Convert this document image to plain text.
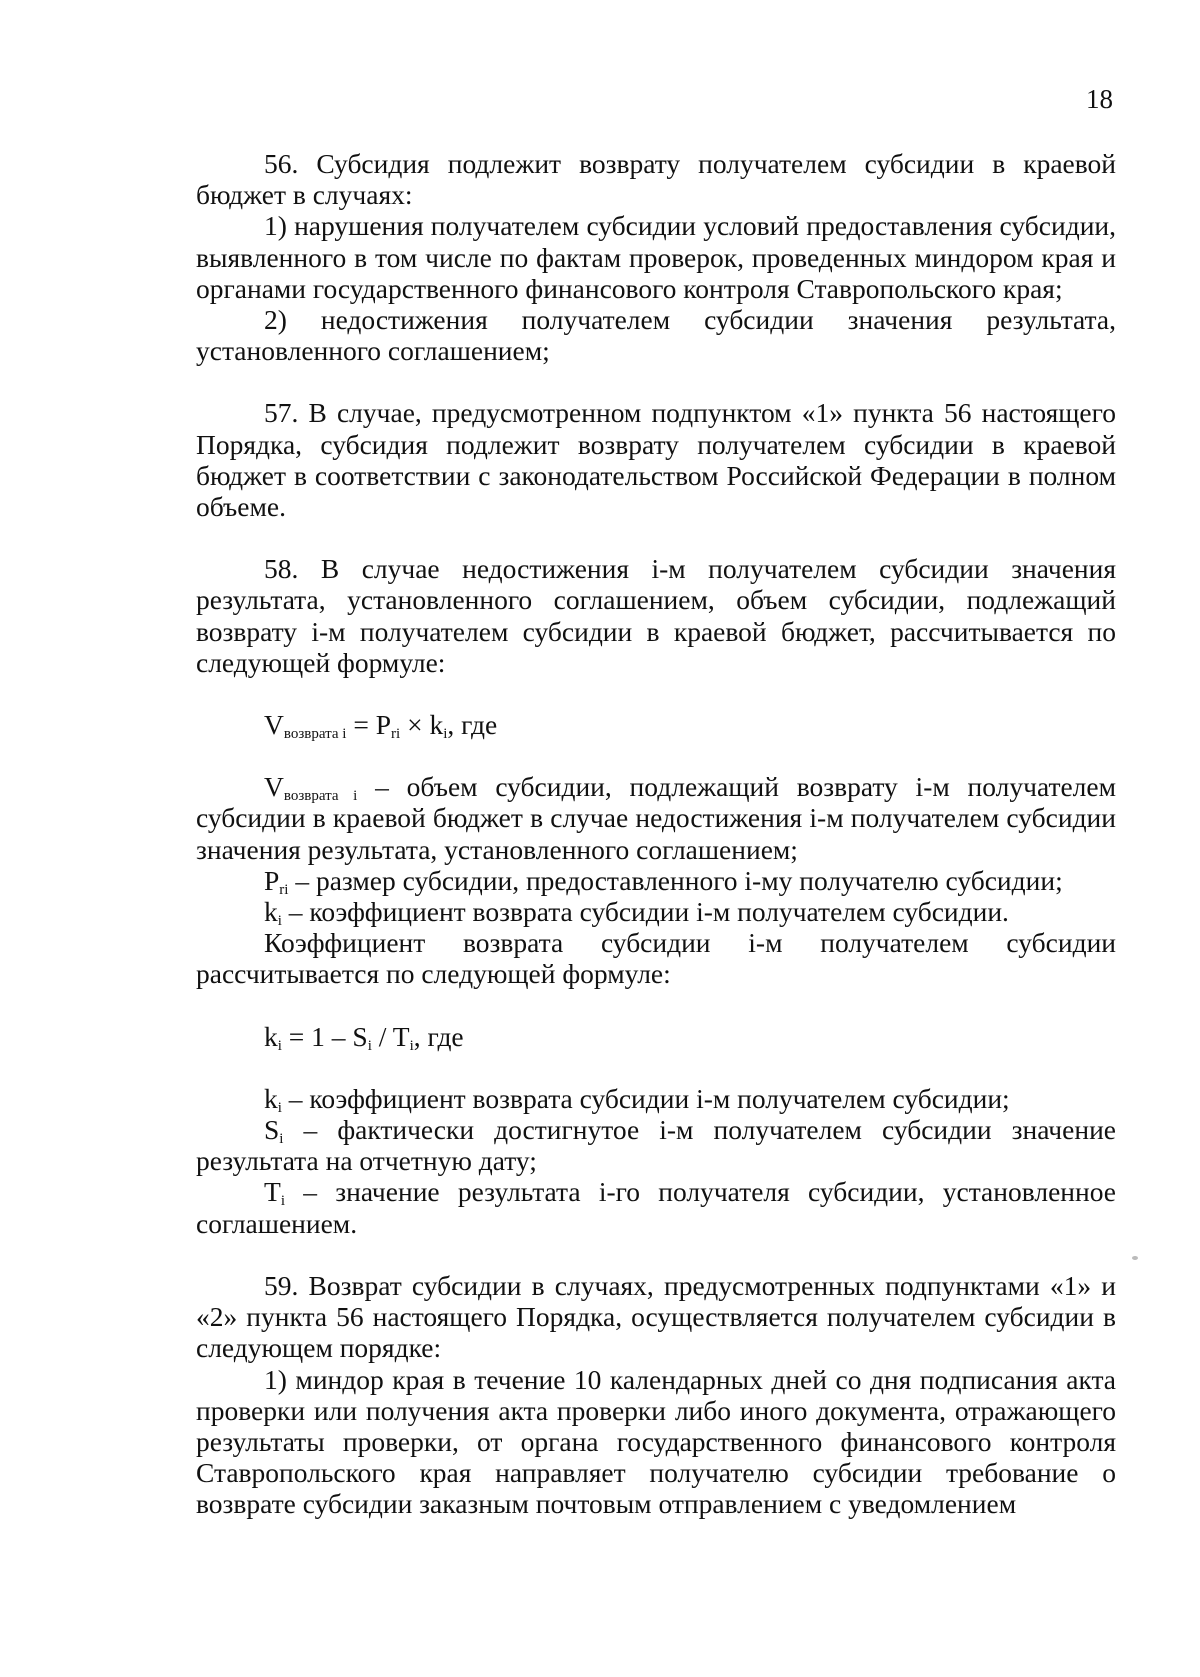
18

56. Субсидия подлежит возврату получателем субсидии в краевой бюджет в случаях:

1) нарушения получателем субсидии условий предоставления субсидии, выявленного в том числе по фактам проверок, проведенных миндором края и органами государственного финансового контроля Ставропольского края;

2) недостижения получателем субсидии значения результата, установленного соглашением;

57. В случае, предусмотренном подпунктом «1» пункта 56 настоящего Порядка, субсидия подлежит возврату получателем субсидии в краевой бюджет в соответствии с законодательством Российской Федерации в полном объеме.

58. В случае недостижения i-м получателем субсидии значения результата, установленного соглашением, объем субсидии, подлежащий возврату i-м получателем субсидии в краевой бюджет, рассчитывается по следующей формуле:

$V_{возврата i} = P_{ri} \times k_i$, где

$V_{возврата i}$ – объем субсидии, подлежащий возврату i-м получателем субсидии в краевой бюджет в случае недостижения i-м получателем субсидии значения результата, установленного соглашением;

$P_{ri}$ – размер субсидии, предоставленного i-му получателю субсидии;

$k_i$ – коэффициент возврата субсидии i-м получателем субсидии.

Коэффициент возврата субсидии i-м получателем субсидии рассчитывается по следующей формуле:

$k_i = 1 - S_i / T_i$, где

$k_i$ – коэффициент возврата субсидии i-м получателем субсидии;

$S_i$ – фактически достигнутое i-м получателем субсидии значение результата на отчетную дату;

$T_i$ – значение результата i-го получателя субсидии, установленное соглашением.

59. Возврат субсидии в случаях, предусмотренных подпунктами «1» и «2» пункта 56 настоящего Порядка, осуществляется получателем субсидии в следующем порядке:

1) миндор края в течение 10 календарных дней со дня подписания акта проверки или получения акта проверки либо иного документа, отражающего результаты проверки, от органа государственного финансового контроля Ставропольского края направляет получателю субсидии требование о возврате субсидии заказным почтовым отправлением с уведомлением
